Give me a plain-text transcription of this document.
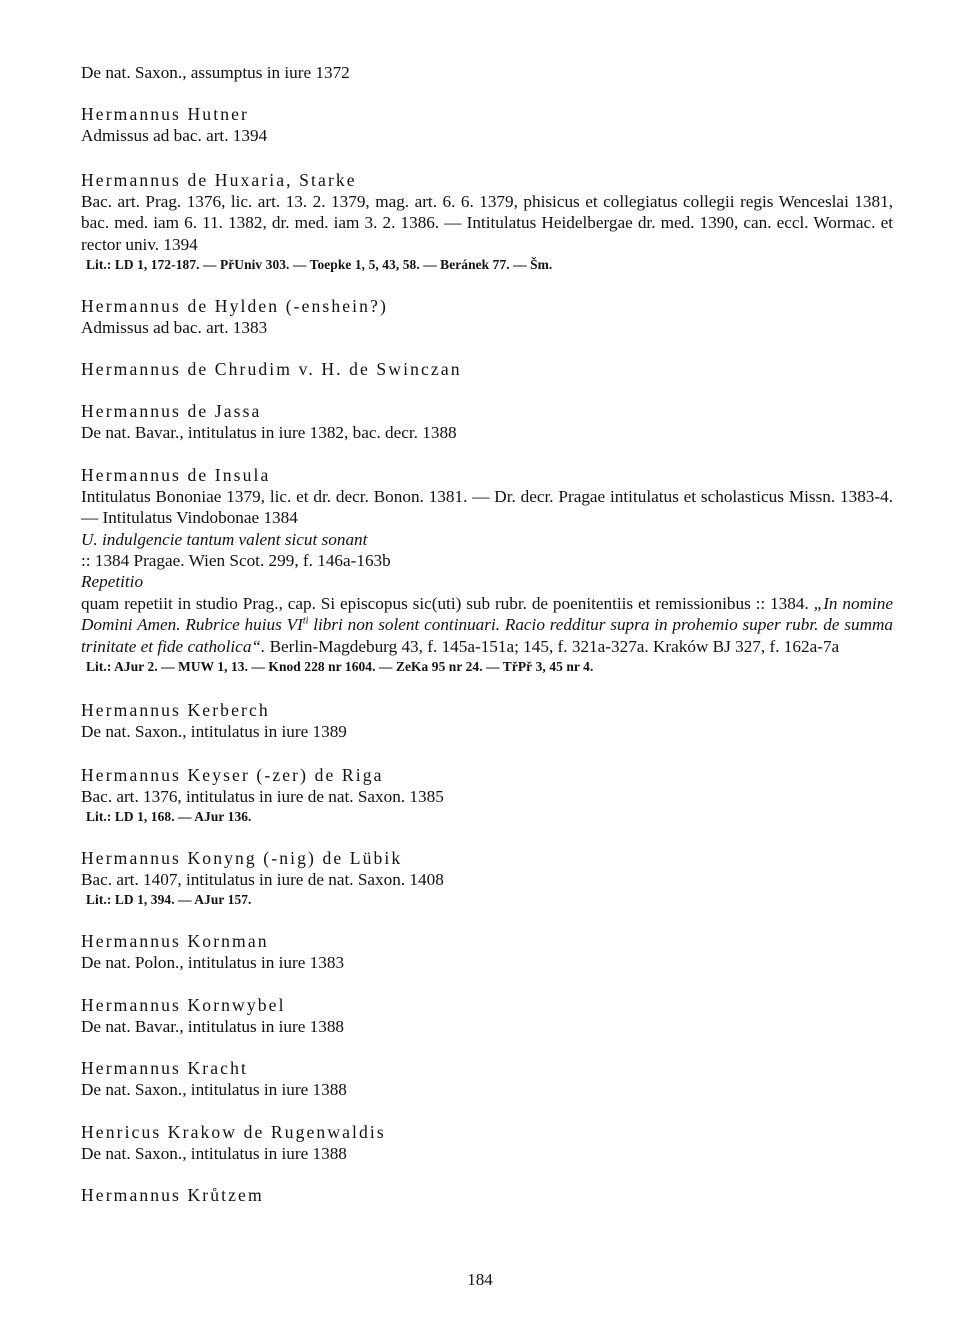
De nat. Saxon., assumptus in iure 1372
Hermannus Hutner
Admissus ad bac. art. 1394
Hermannus de Huxaria, Starke
Bac. art. Prag. 1376, lic. art. 13. 2. 1379, mag. art. 6. 6. 1379, phisicus et collegiatus collegii regis Wenceslai 1381, bac. med. iam 6. 11. 1382, dr. med. iam 3. 2. 1386. — Intitulatus Heidelbergae dr. med. 1390, can. eccl. Wormac. et rector univ. 1394
Lit.: LD 1, 172-187. — PřUniv 303. — Toepke 1, 5, 43, 58. — Beránek 77. — Šm.
Hermannus de Hylden (-enshein?)
Admissus ad bac. art. 1383
Hermannus de Chrudim v. H. de Swinczan
Hermannus de Jassa
De nat. Bavar., intitulatus in iure 1382, bac. decr. 1388
Hermannus de Insula
Intitulatus Bononiae 1379, lic. et dr. decr. Bonon. 1381. — Dr. decr. Pragae intitulatus et scholasticus Missn. 1383-4. — Intitulatus Vindobonae 1384
U. indulgencie tantum valent sicut sonant
:: 1384 Pragae. Wien Scot. 299, f. 146a-163b
Repetitio
quam repetiit in studio Prag., cap. Si episcopus sic(uti) sub rubr. de poenitentiis et remissionibus :: 1384. „In nomine Domini Amen. Rubrice huius $VI^{ti}$ libri non solent continuari. Racio redditur supra in prohemio super rubr. de summa trinitate et fide catholica“. Berlin-Magdeburg 43, f. 145a-151a; 145, f. 321a-327a. Kraków BJ 327, f. 162a-7a
Lit.: AJur 2. — MUW 1, 13. — Knod 228 nr 1604. — ZeKa 95 nr 24. — TřPř 3, 45 nr 4.
Hermannus Kerberch
De nat. Saxon., intitulatus in iure 1389
Hermannus Keyser (-zer) de Riga
Bac. art. 1376, intitulatus in iure de nat. Saxon. 1385
Lit.: LD 1, 168. — AJur 136.
Hermannus Konyng (-nig) de Lübik
Bac. art. 1407, intitulatus in iure de nat. Saxon. 1408
Lit.: LD 1, 394. — AJur 157.
Hermannus Kornman
De nat. Polon., intitulatus in iure 1383
Hermannus Kornwybel
De nat. Bavar., intitulatus in iure 1388
Hermannus Kracht
De nat. Saxon., intitulatus in iure 1388
Henricus Krakow de Rugenwaldis
De nat. Saxon., intitulatus in iure 1388
Hermannus Krůtzem
184
